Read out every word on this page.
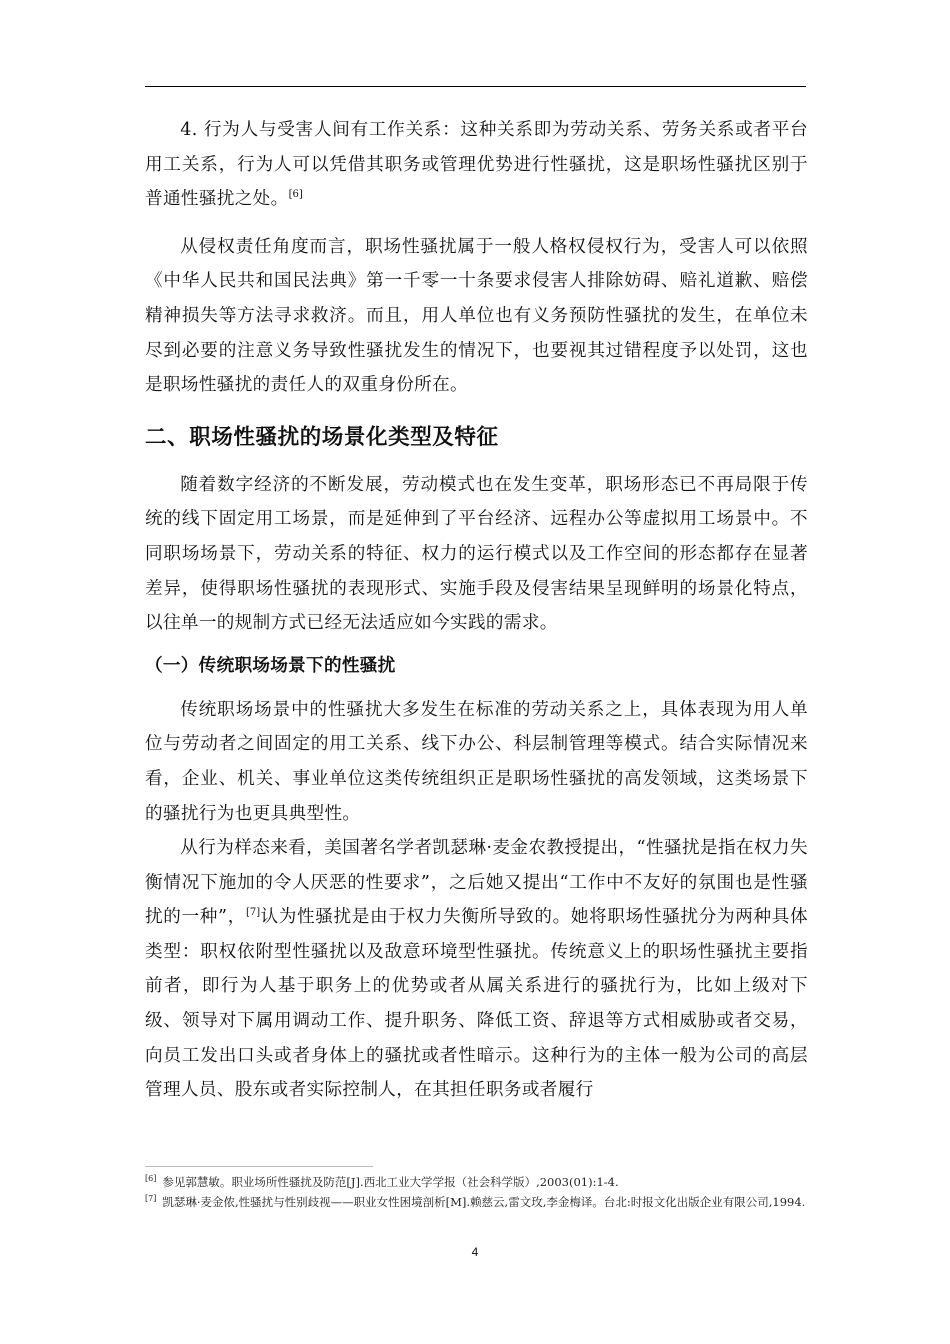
4. 行为人与受害人间有工作关系：这种关系即为劳动关系、劳务关系或者平台用工关系，行为人可以凭借其职务或管理优势进行性骚扰，这是职场性骚扰区别于普通性骚扰之处。[6]

从侵权责任角度而言，职场性骚扰属于一般人格权侵权行为，受害人可以依照《中华人民共和国民法典》第一千零一十条要求侵害人排除妨碍、赔礼道歉、赔偿精神损失等方法寻求救济。而且，用人单位也有义务预防性骚扰的发生，在单位未尽到必要的注意义务导致性骚扰发生的情况下，也要视其过错程度予以处罚，这也是职场性骚扰的责任人的双重身份所在。

二、职场性骚扰的场景化类型及特征

随着数字经济的不断发展，劳动模式也在发生变革，职场形态已不再局限于传统的线下固定用工场景，而是延伸到了平台经济、远程办公等虚拟用工场景中。不同职场场景下，劳动关系的特征、权力的运行模式以及工作空间的形态都存在显著差异，使得职场性骚扰的表现形式、实施手段及侵害结果呈现鲜明的场景化特点，以往单一的规制方式已经无法适应如今实践的需求。

（一）传统职场场景下的性骚扰

传统职场场景中的性骚扰大多发生在标准的劳动关系之上，具体表现为用人单位与劳动者之间固定的用工关系、线下办公、科层制管理等模式。结合实际情况来看，企业、机关、事业单位这类传统组织正是职场性骚扰的高发领域，这类场景下的骚扰行为也更具典型性。

从行为样态来看，美国著名学者凯瑟琳·麦金农教授提出，“性骚扰是指在权力失衡情况下施加的令人厌恶的性要求”，之后她又提出“工作中不友好的氛围也是性骚扰的一种”，[7]认为性骚扰是由于权力失衡所导致的。她将职场性骚扰分为两种具体类型：职权依附型性骚扰以及敌意环境型性骚扰。传统意义上的职场性骚扰主要指前者，即行为人基于职务上的优势或者从属关系进行的骚扰行为，比如上级对下级、领导对下属用调动工作、提升职务、降低工资、辞退等方式相威胁或者交易，向员工发出口头或者身体上的骚扰或者性暗示。这种行为的主体一般为公司的高层管理人员、股东或者实际控制人，在其担任职务或者履行

[6] 参见郭慧敏。职业场所性骚扰及防范[J].西北工业大学学报（社会科学版）,2003(01):1-4.
[7] 凯瑟琳·麦金侬,性骚扰与性别歧视——职业女性困境剖析[M].赖慈云,雷文玫,李金梅译。台北:时报文化出版企业有限公司,1994.
4
